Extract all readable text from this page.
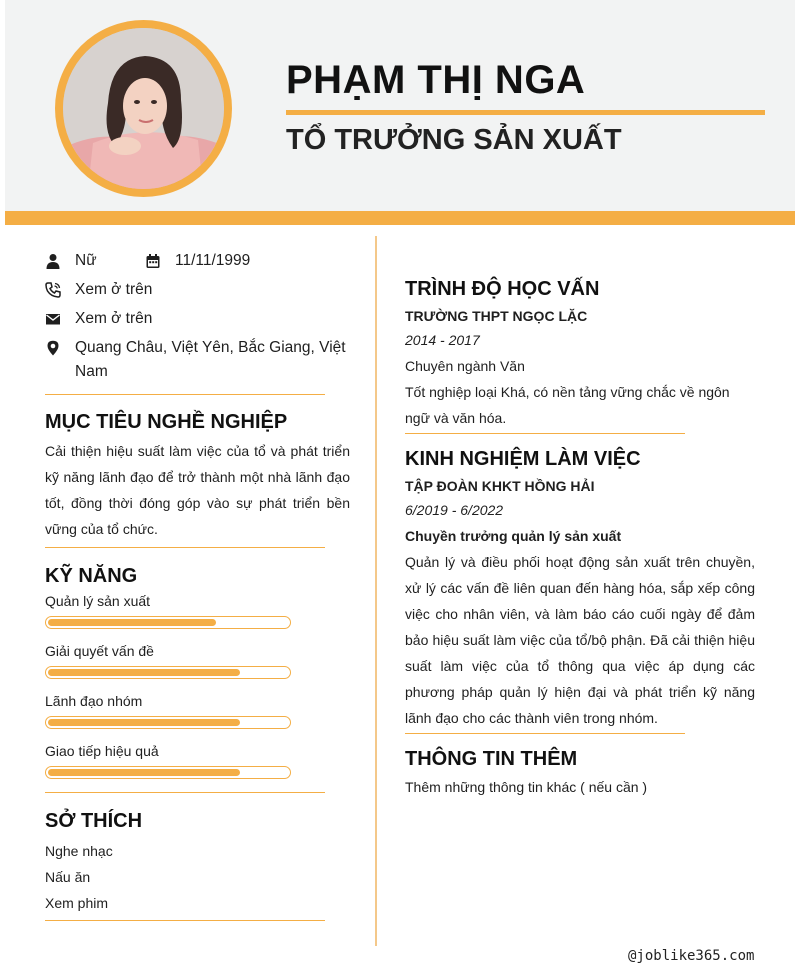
PHẠM THỊ NGA
TỔ TRƯỞNG SẢN XUẤT
Nữ	11/11/1999
Xem ở trên
Xem ở trên
Quang Châu, Việt Yên, Bắc Giang, Việt Nam
MỤC TIÊU NGHỀ NGHIỆP

Cải thiện hiệu suất làm việc của tổ và phát triển kỹ năng lãnh đạo để trở thành một nhà lãnh đạo tốt, đồng thời đóng góp vào sự phát triển bền vững của tổ chức.

KỸ NĂNG

Quản lý sản xuất

Giải quyết vấn đề

Lãnh đạo nhóm

Giao tiếp hiệu quả

SỞ THÍCH

Nghe nhạc

Nấu ăn

Xem phim

TRÌNH ĐỘ HỌC VẤN

TRƯỜNG THPT NGỌC LẶC

2014 - 2017

Chuyên ngành Văn

Tốt nghiệp loại Khá, có nền tảng vững chắc về ngôn ngữ và văn hóa.

KINH NGHIỆM LÀM VIỆC

TẬP ĐOÀN KHKT HỒNG HẢI

6/2019 - 6/2022

Chuyền trưởng quản lý sản xuất

Quản lý và điều phối hoạt động sản xuất trên chuyền, xử lý các vấn đề liên quan đến hàng hóa, sắp xếp công việc cho nhân viên, và làm báo cáo cuối ngày để đảm bảo hiệu suất làm việc của tổ/bộ phận. Đã cải thiện hiệu suất làm việc của tổ thông qua việc áp dụng các phương pháp quản lý hiện đại và phát triển kỹ năng lãnh đạo cho các thành viên trong nhóm.

THÔNG TIN THÊM

Thêm những thông tin khác ( nếu cần )

@joblike365.com
